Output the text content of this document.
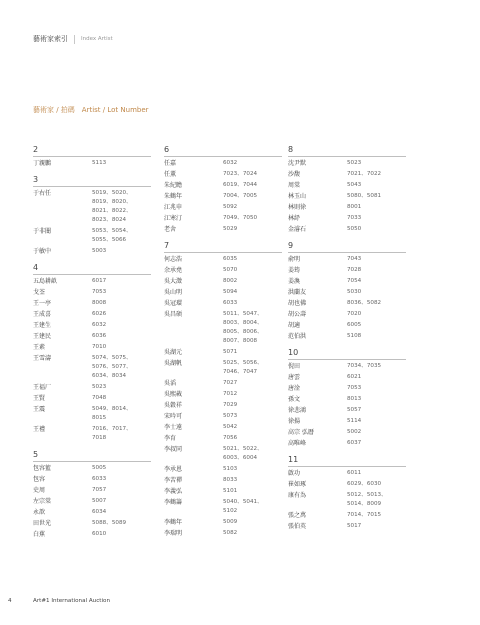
藝術家索引 Index Artist
藝術家 / 拍碼　Artist / Lot Number
2
丁親鵬	5113
3
于右任	5019、5020、
8019、8020、
8021、8022、
8023、8024
于非闇	5053、5054、
5055、5066
于敏中	5003
4
五島耕畝	6017
戈荃	7053
王一亭	8008
王成喜	6026
王建生	6032
王建民	6036
王素	7010
王雪濤	5074、5075、
5076、5077、
6034、8034
王福厂	5023
王賢	7048
王震	5049、8014、
8015
王禮	7016、7017、
7018
5
包容籃	5005
包容	6033
史周	7057
左宗棠	5007
永歆	6034
田世光	5088、5089
白蕉	6010
6
任嘉	6032
任薰	7023、7024
朱紀瞻	6019、7044
朱鶴年	7004、7005
江兆申	5092
江寒汀	7049、7050
老舍	5029
7
何志浩	6035
余承堯	5070
吳大澂	8002
吳山明	5094
吳冠環	6033
吳昌碩	5011、5047、
8003、8004、
8005、8006、
8007、8008
吳湖元	5071
吳湖帆	5025、5056、
7046、7047
吳滔	7027
吳熙載	7012
吳穀祥	7029
宋吟可	5073
李士遠	5042
李育	7056
李叔同	5021、5022、
6003、6004
李承恩	5103
李苦禪	8033
李義弘	5101
李鶴籌	5040、5041、
5102
李鶴年	5009
李瑞明	5082
8
沈尹默	5023
沙馥	7021、7022
周棠	5043
林玉山	5080、5081
林則徐	8001
林紓	7033
金濬石	5050
9
俞明	7043
姜筠	7028
姜渙	7054
洪蘭友	5030
胡也佛	8036、5082
胡公壽	7020
胡適	6005
范伯洪	5108
10
倪田	7034、7035
唐雲	6021
唐淦	7053
孫文	8013
徐悲鴻	5057
徐揚	5114
高宗 弘曆	5002
高唯峰	6037
11
啟功	6011
崔如琢	6029、6030
康有為	5012、5013、
5014、8009
張之萬	7014、7015
張伯英	5017
4	Art#1 International Auction
